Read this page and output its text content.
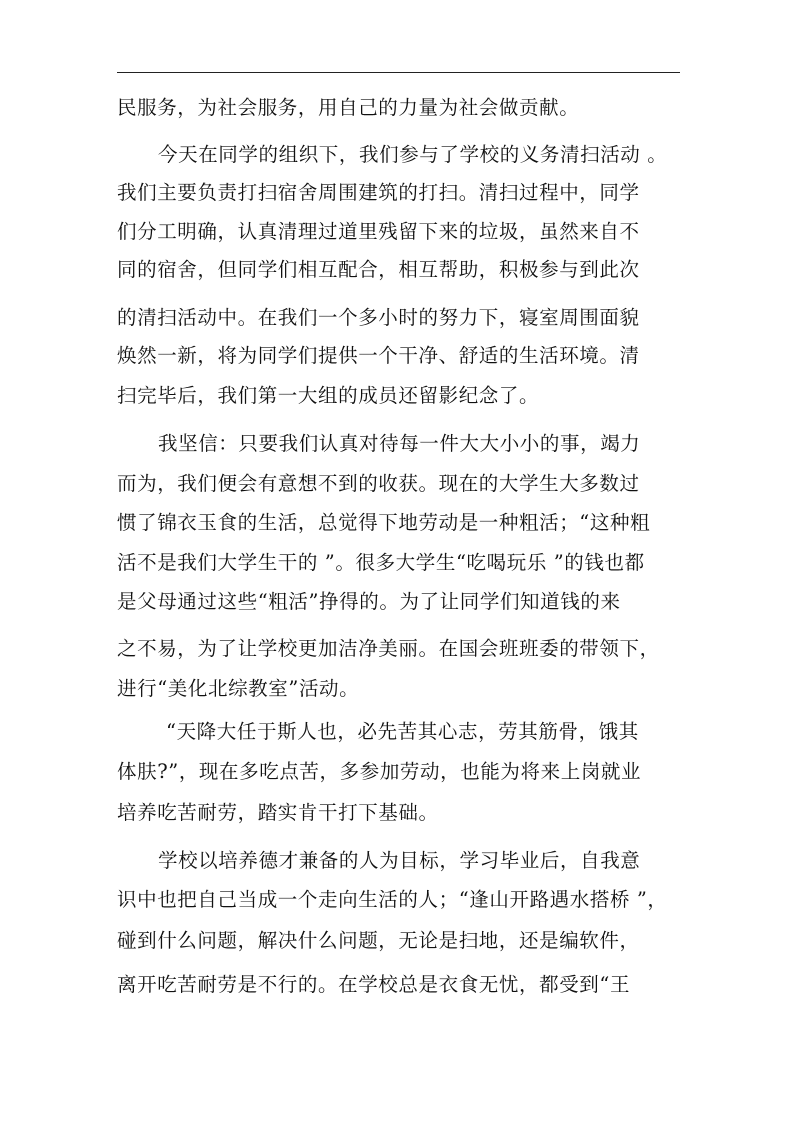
民服务，为社会服务，用自己的力量为社会做贡献。
今天在同学的组织下，我们参与了学校的义务清扫活动 。
我们主要负责打扫宿舍周围建筑的打扫。清扫过程中，同学
们分工明确，认真清理过道里残留下来的垃圾，虽然来自不
同的宿舍，但同学们相互配合，相互帮助，积极参与到此次
的清扫活动中。在我们一个多小时的努力下，寝室周围面貌
焕然一新，将为同学们提供一个干净、舒适的生活环境。清
扫完毕后，我们第一大组的成员还留影纪念了。
我坚信：只要我们认真对待每一件大大小小的事，竭力
而为，我们便会有意想不到的收获。现在的大学生大多数过
惯了锦衣玉食的生活，总觉得下地劳动是一种粗活；“这种粗
活不是我们大学生干的 ”。很多大学生“吃喝玩乐 ”的钱也都
是父母通过这些“粗活”挣得的。为了让同学们知道钱的来
之不易，为了让学校更加洁净美丽。在国会班班委的带领下，
进行“美化北综教室”活动。
“天降大任于斯人也，必先苦其心志，劳其筋骨，饿其
体肤?”，现在多吃点苦，多参加劳动，也能为将来上岗就业
培养吃苦耐劳，踏实肯干打下基础。
学校以培养德才兼备的人为目标，学习毕业后，自我意
识中也把自己当成一个走向生活的人；“逢山开路遇水搭桥 ”，
碰到什么问题，解决什么问题，无论是扫地，还是编软件，
离开吃苦耐劳是不行的。在学校总是衣食无忧，都受到“王
